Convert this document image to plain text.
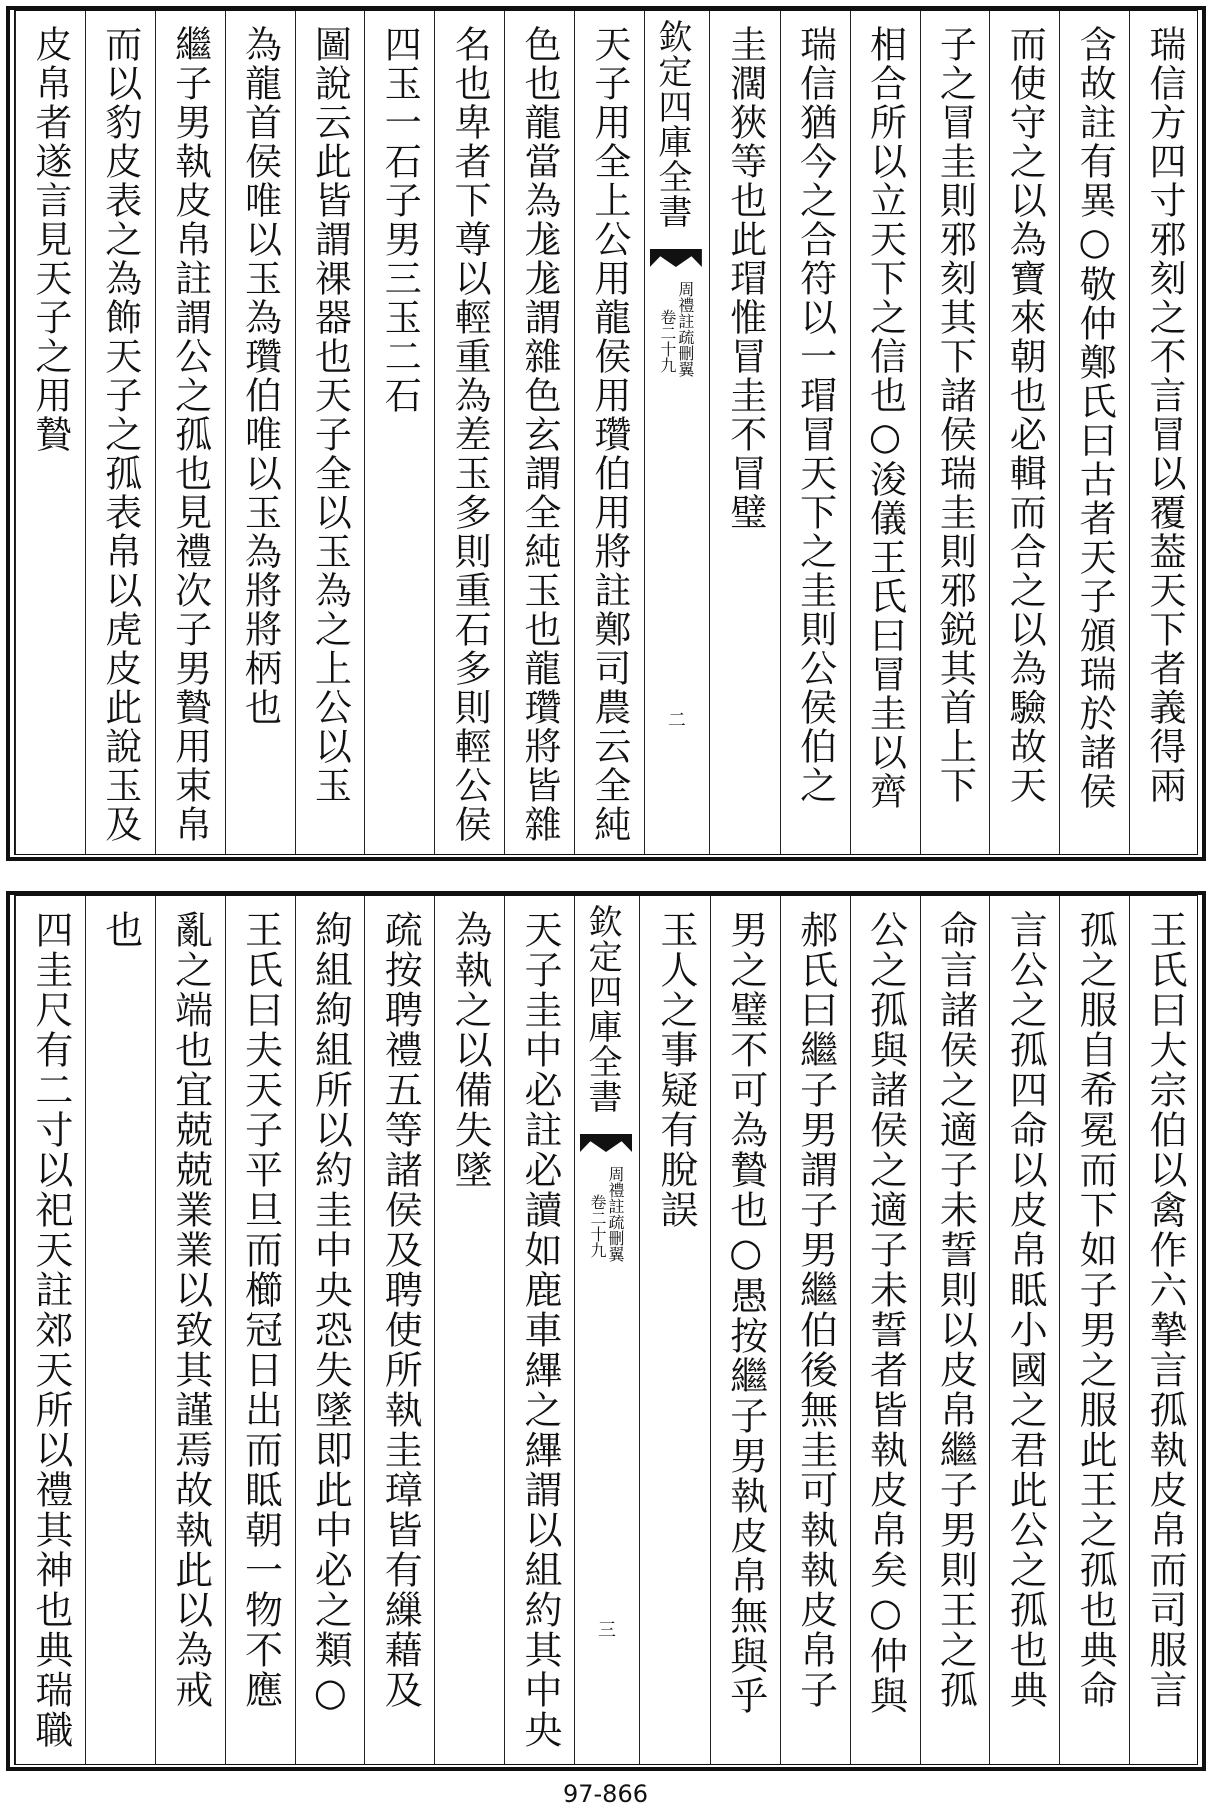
瑞信方四寸邪刻之不言冒以覆葢天下者義得兩
含故註有異○敬仲鄭氏曰古者天子頒瑞於諸侯
而使守之以為寶來朝也必輯而合之以為驗故天
子之冒圭則邪刻其下諸侯瑞圭則邪鋭其首上下
相合所以立天下之信也○浚儀王氏曰冒圭以齊
瑞信猶今之合符以一瑁冒天下之圭則公侯伯之
圭濶狹等也此瑁惟冒圭不冒璧
欽定四庫全書
周禮註疏刪翼
卷二十九
二
天子用全上公用龍侯用瓚伯用將註鄭司農云全純
色也龍當為尨尨謂雜色玄謂全純玉也龍瓚將皆雜
名也卑者下尊以輕重為差玉多則重石多則輕公侯
四玉一石子男三玉二石
圖說云此皆謂祼器也天子全以玉為之上公以玉
為龍首侯唯以玉為瓚伯唯以玉為將將柄也
繼子男執皮帛註謂公之孤也見禮次子男贄用束帛
而以豹皮表之為飾天子之孤表帛以虎皮此說玉及
皮帛者遂言見天子之用贄
王氏曰大宗伯以禽作六摯言孤執皮帛而司服言
孤之服自希冕而下如子男之服此王之孤也典命
言公之孤四命以皮帛眡小國之君此公之孤也典
命言諸侯之適子未誓則以皮帛繼子男則王之孤
公之孤與諸侯之適子未誓者皆執皮帛矣○仲與
郝氏曰繼子男謂子男繼伯後無圭可執執皮帛子
男之璧不可為贄也○愚按繼子男執皮帛無與乎
玉人之事疑有脫誤
欽定四庫全書
周禮註疏刪翼
卷二十九
三
天子圭中必註必讀如鹿車縪之縪謂以組約其中央
為執之以備失墜
疏按聘禮五等諸侯及聘使所執圭璋皆有繅藉及
絇組絇組所以約圭中央恐失墜即此中必之類○
王氏曰夫天子平旦而櫛冠日出而眡朝一物不應
亂之端也宜兢兢業業以致其謹焉故執此以為戒
也
四圭尺有二寸以祀天註郊天所以禮其神也典瑞職
97-866
